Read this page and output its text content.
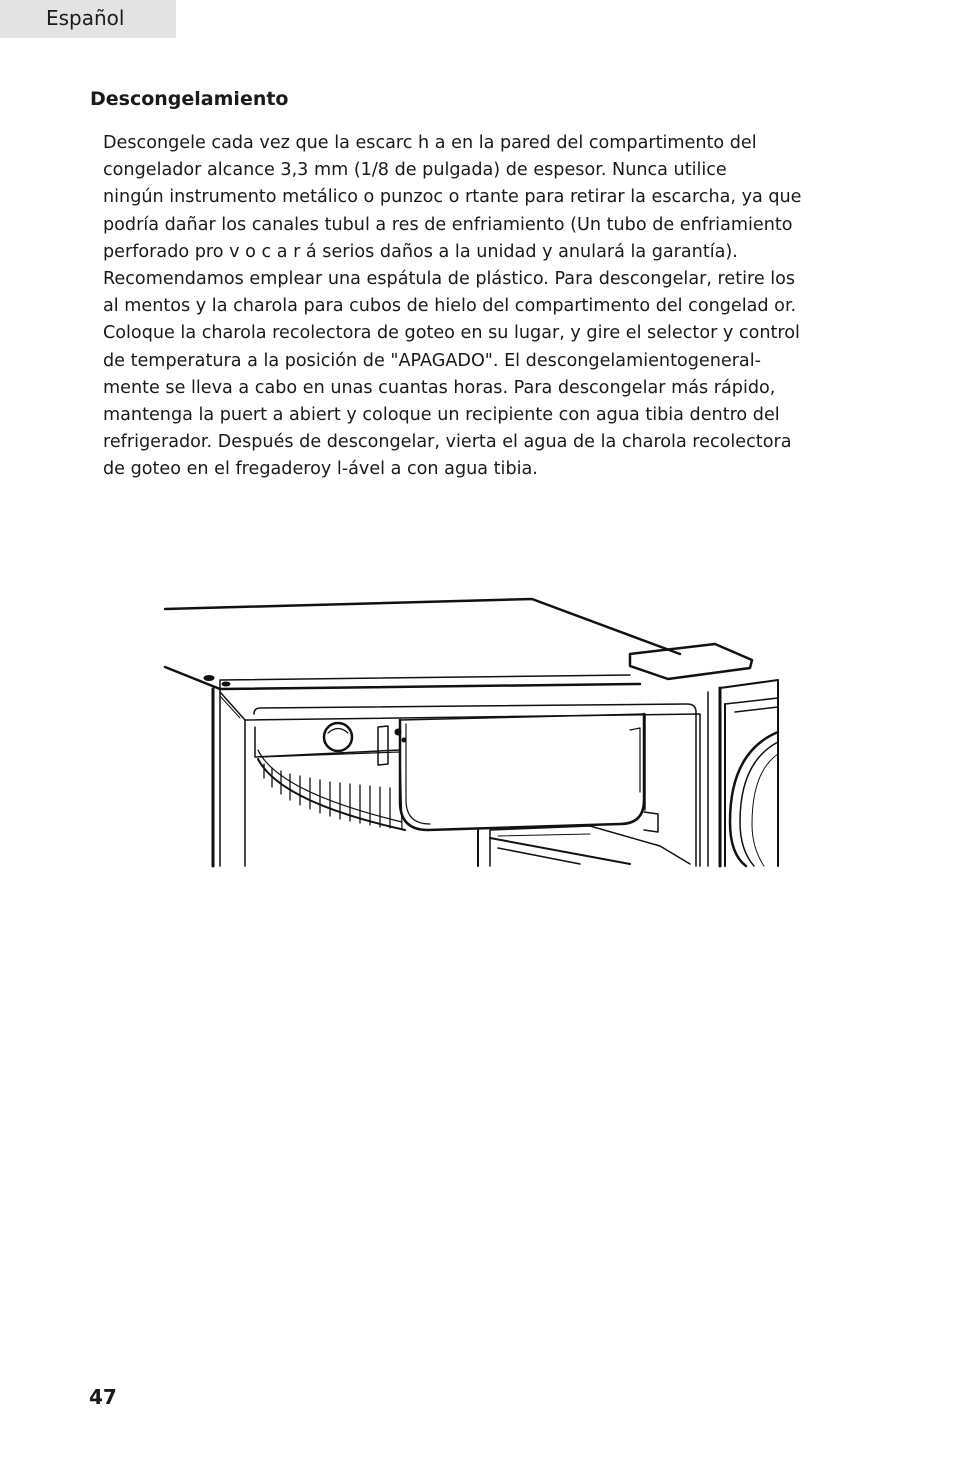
Español
Descongelamiento

Descongele cada vez que la escarc h a en la pared del compartimento del
congelador alcance 3,3 mm (1/8 de pulgada) de espesor. Nunca utilice
ningún instrumento metálico o punzoc o rtante para retirar la escarcha, ya que
podría dañar los canales tubul a res de enfriamiento (Un tubo de enfriamiento
perforado pro v o c a r á serios daños a la unidad y anulará la garantía).
Recomendamos emplear una espátula de plástico. Para descongelar, retire los
al mentos y la charola para cubos de hielo del compartimento del congelad or.
Coloque la charola recolectora de goteo en su lugar, y gire el selector y control
de temperatura a la posición de "APAGADO". El descongelamientogeneral-
mente se lleva a cabo en unas cuantas horas. Para descongelar más rápido,
mantenga la puert a abiert y coloque un recipiente con agua tibia dentro del
refrigerador. Después de descongelar, vierta el agua de la charola recolectora
de goteo en el fregaderoy l-ável a con agua tibia.

47
